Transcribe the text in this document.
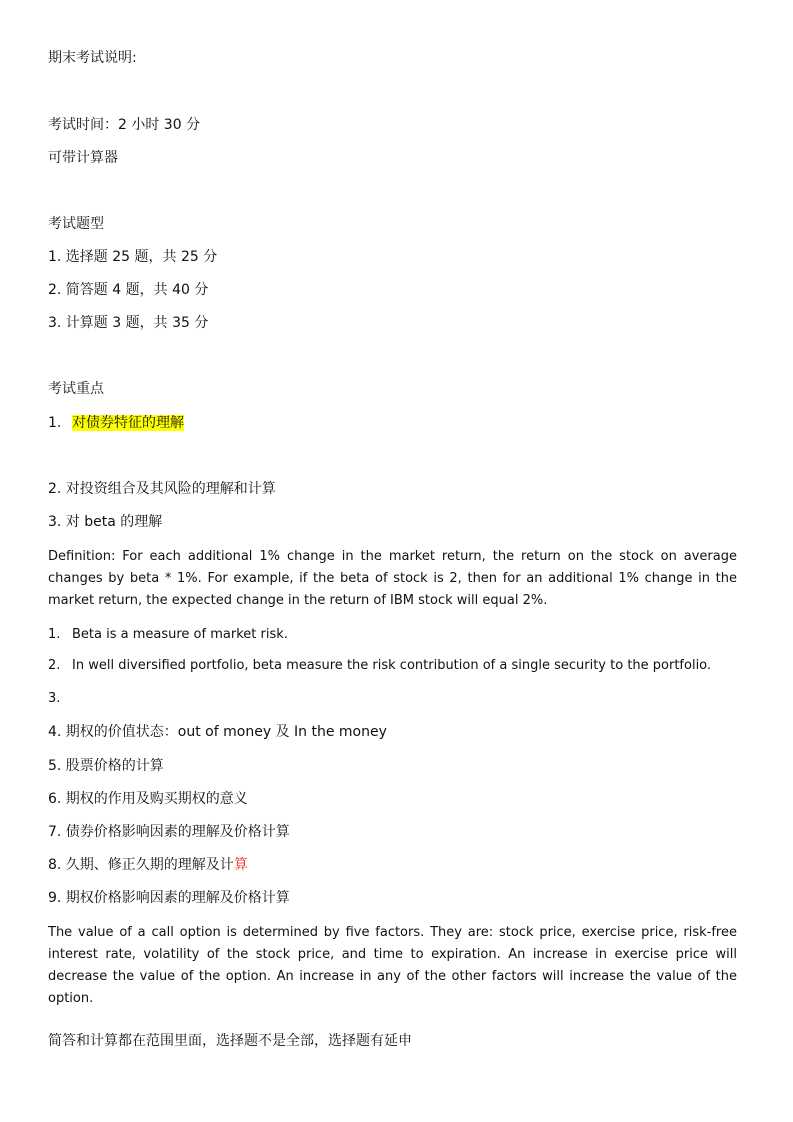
期末考试说明:
考试时间：2 小时 30 分
可带计算器
考试题型
1. 选择题 25 题，共 25 分
2. 简答题 4 题，共 40 分
3. 计算题 3 题，共 35 分
考试重点
1. 对债券特征的理解
2. 对投资组合及其风险的理解和计算
3. 对 beta 的理解
Definition: For each additional 1% change in the market return, the return on the stock on average changes by beta * 1%. For example, if the beta of stock is 2, then for an additional 1% change in the market return, the expected change in the return of IBM stock will equal 2%.
1. Beta is a measure of market risk.
2. In well diversified portfolio, beta measure the risk contribution of a single security to the portfolio.
3.
4. 期权的价值状态：out of money 及 In the money
5. 股票价格的计算
6. 期权的作用及购买期权的意义
7. 债券价格影响因素的理解及价格计算
8. 久期、修正久期的理解及计算
9. 期权价格影响因素的理解及价格计算
The value of a call option is determined by five factors. They are: stock price, exercise price, risk-free interest rate, volatility of the stock price, and time to expiration. An increase in exercise price will decrease the value of the option. An increase in any of the other factors will increase the value of the option.
简答和计算都在范围里面，选择题不是全部，选择题有延申
